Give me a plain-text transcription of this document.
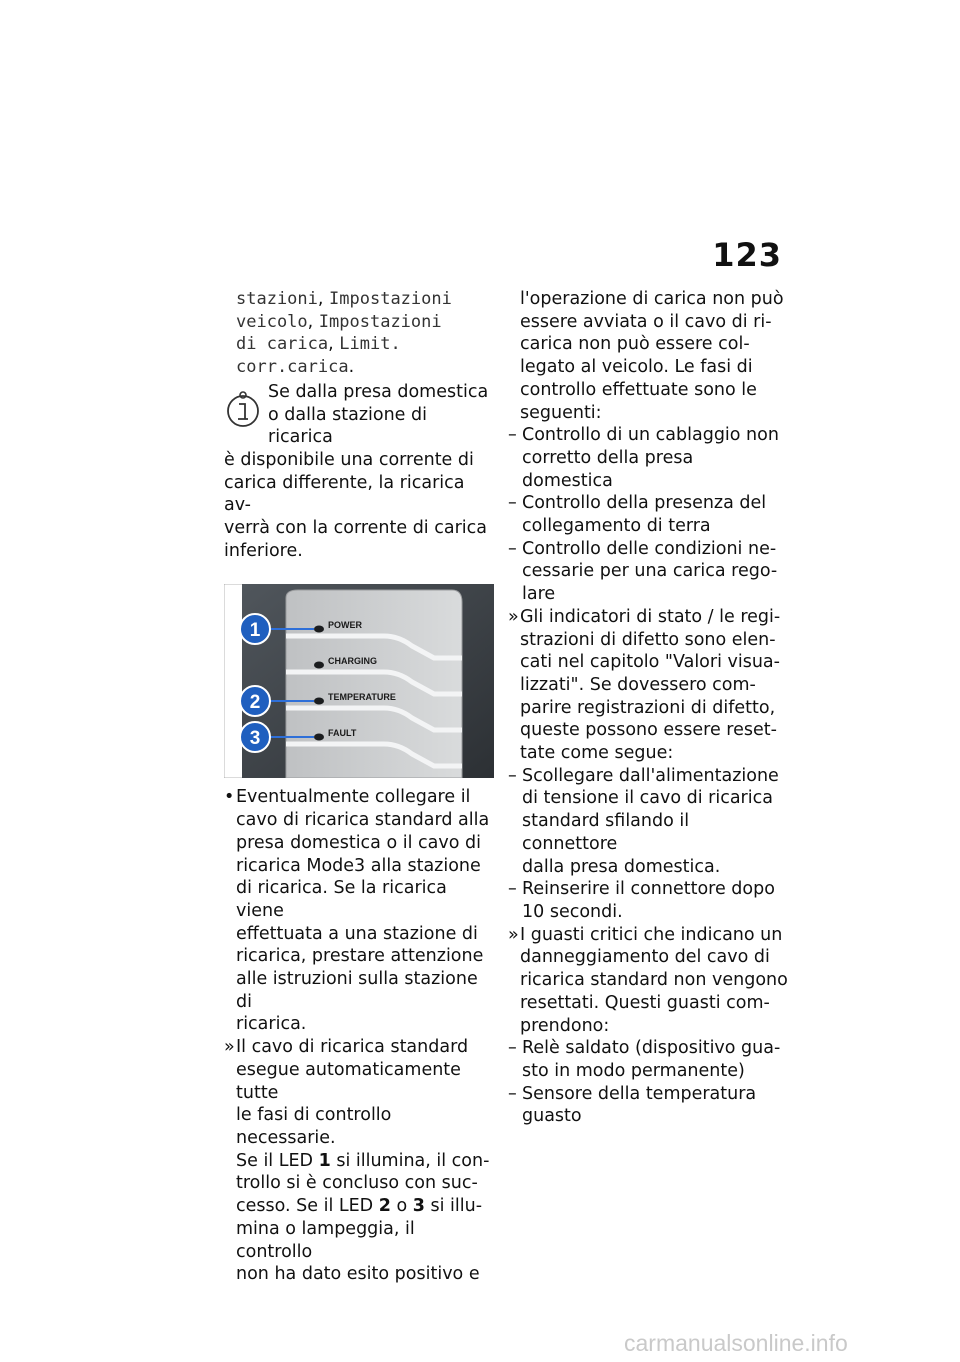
123
stazioni, Impostazioni
veicolo, Impostazioni
di carica, Limit.
corr.carica.
Se dalla presa domestica
o dalla stazione di ricarica
è disponibile una corrente di
carica differente, la ricarica av-
verrà con la corrente di carica
inferiore.
POWER
CHARGING
TEMPERATURE
FAULT
1
2
3
• Eventualmente collegare il
cavo di ricarica standard alla
presa domestica o il cavo di
ricarica Mode3 alla stazione
di ricarica. Se la ricarica viene
effettuata a una stazione di
ricarica, prestare attenzione
alle istruzioni sulla stazione di
ricarica.
» Il cavo di ricarica standard
esegue automaticamente tutte
le fasi di controllo necessarie.
Se il LED 1 si illumina, il con-
trollo si è concluso con suc-
cesso. Se il LED 2 o 3 si illu-
mina o lampeggia, il controllo
non ha dato esito positivo e
l'operazione di carica non può
essere avviata o il cavo di ri-
carica non può essere col-
legato al veicolo. Le fasi di
controllo effettuate sono le
seguenti:
– Controllo di un cablaggio non
corretto della presa domestica
– Controllo della presenza del
collegamento di terra
– Controllo delle condizioni ne-
cessarie per una carica rego-
lare
» Gli indicatori di stato / le regi-
strazioni di difetto sono elen-
cati nel capitolo "Valori visua-
lizzati". Se dovessero com-
parire registrazioni di difetto,
queste possono essere reset-
tate come segue:
– Scollegare dall'alimentazione
di tensione il cavo di ricarica
standard sfilando il connettore
dalla presa domestica.
– Reinserire il connettore dopo
10 secondi.
» I guasti critici che indicano un
danneggiamento del cavo di
ricarica standard non vengono
resettati. Questi guasti com-
prendono:
– Relè saldato (dispositivo gua-
sto in modo permanente)
– Sensore della temperatura
guasto
carmanualsonline.info
